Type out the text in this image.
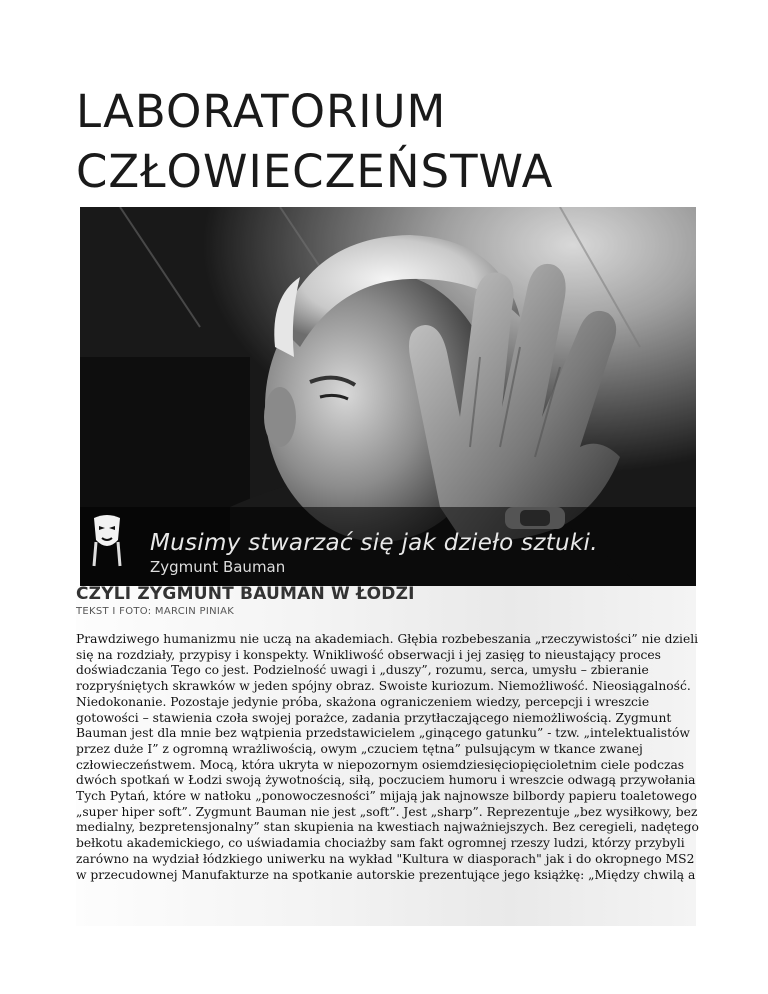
LABORATORIUM
CZŁOWIECZEŃSTWA
Musimy stwarzać się jak dzieło sztuki.
Zygmunt Bauman
CZYLI ZYGMUNT BAUMAN W ŁODZI
TEKST I FOTO: MARCIN PINIAK

Prawdziwego humanizmu nie uczą na akademiach. Głębia rozbebeszania „rzeczywistości” nie dzieli się na rozdziały, przypisy i konspekty. Wnikliwość obserwacji i jej zasięg to nieustający proces doświadczania Tego co jest. Podzielność uwagi i „duszy”, rozumu, serca, umysłu – zbieranie rozpryśniętych skrawków w jeden spójny obraz. Swoiste kuriozum. Niemożliwość. Nieosiągalność. Niedokonanie. Pozostaje jedynie próba, skażona ograniczeniem wiedzy, percepcji i wreszcie gotowości – stawienia czoła swojej porażce, zadania przytłaczającego niemożliwością. Zygmunt Bauman jest dla mnie bez wątpienia przedstawicielem „ginącego gatunku” - tzw. „intelektualistów przez duże I” z ogromną wrażliwością, owym „czuciem tętna” pulsującym w tkance zwanej człowieczeństwem. Mocą, która ukryta w niepozornym osiemdziesięciopięcioletnim ciele podczas dwóch spotkań w Łodzi swoją żywotnością, siłą, poczuciem humoru i wreszcie odwagą przywołania Tych Pytań, które w natłoku „ponowoczesności” mijają jak najnowsze bilbordy papieru toaletowego „super hiper soft”. Zygmunt Bauman nie jest „soft”. Jest „sharp”. Reprezentuje „bez wysiłkowy, bez medialny, bezpretensjonalny” stan skupienia na kwestiach najważniejszych. Bez ceregieli, nadętego bełkotu akademickiego, co uświadamia chociażby sam fakt ogromnej rzeszy ludzi, którzy przybyli zarówno na wydział łódzkiego uniwerku na wykład "Kultura w diasporach" jak i do okropnego MS2 w przecudownej Manufakturze na spotkanie autorskie prezentujące jego książkę: „Między chwilą a
